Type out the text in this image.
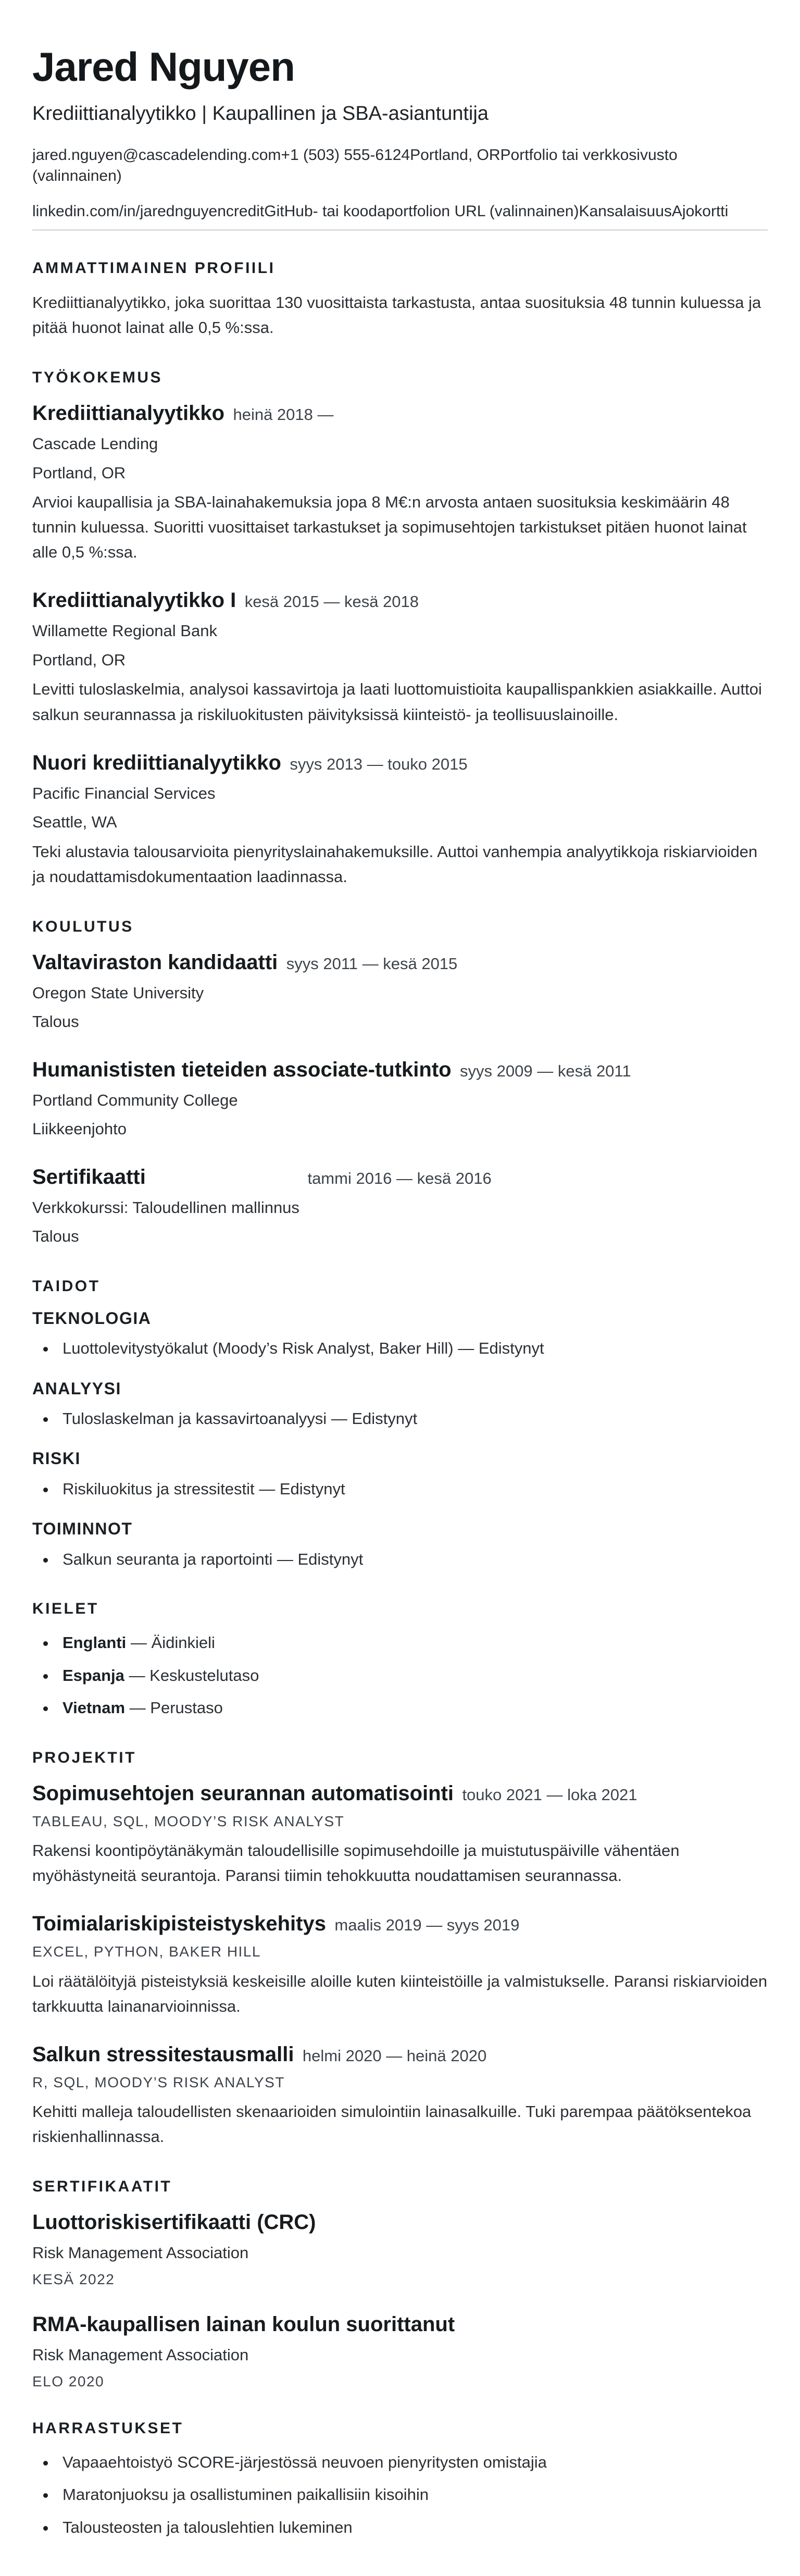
Jared Nguyen

Krediittianalyytikko | Kaupallinen ja SBA-asiantuntija

jared.nguyen@cascadelending.com+1 (503) 555-6124Portland, ORPortfolio tai verkkosivusto (valinnainen)

linkedin.com/in/jarednguyencreditGitHub- tai koodaportfolion URL (valinnainen)KansalaisuusAjokortti

AMMATTIMAINEN PROFIILI

Krediittianalyytikko, joka suorittaa 130 vuosittaista tarkastusta, antaa suosituksia 48 tunnin kuluessa ja pitää huonot lainat alle 0,5 %:ssa.

TYÖKOKEMUS

Krediittianalyytikko heinä 2018 —

Cascade Lending

Portland, OR

Arvioi kaupallisia ja SBA-lainahakemuksia jopa 8 M€:n arvosta antaen suosituksia keskimäärin 48 tunnin kuluessa. Suoritti vuosittaiset tarkastukset ja sopimusehtojen tarkistukset pitäen huonot lainat alle 0,5 %:ssa.

Krediittianalyytikko I kesä 2015 — kesä 2018

Willamette Regional Bank

Portland, OR

Levitti tuloslaskelmia, analysoi kassavirtoja ja laati luottomuistioita kaupallispankkien asiakkaille. Auttoi salkun seurannassa ja riskiluokitusten päivityksissä kiinteistö- ja teollisuuslainoille.

Nuori krediittianalyytikko syys 2013 — touko 2015

Pacific Financial Services

Seattle, WA

Teki alustavia talousarvioita pienyrityslainahakemuksille. Auttoi vanhempia analyytikkoja riskiarvioiden ja noudattamisdokumentaation laadinnassa.

KOULUTUS

Valtaviraston kandidaatti syys 2011 — kesä 2015

Oregon State University

Talous

Humanististen tieteiden associate-tutkinto syys 2009 — kesä 2011

Portland Community College

Liikkeenjohto

Sertifikaatti	tammi 2016 — kesä 2016

Verkkokurssi: Taloudellinen mallinnus

Talous

TAIDOT
TEKNOLOGIA
• Luottolevitystyökalut (Moody’s Risk Analyst, Baker Hill) — Edistynyt
ANALYYSI
• Tuloslaskelman ja kassavirtoanalyysi — Edistynyt
RISKI
• Riskiluokitus ja stressitestit — Edistynyt
TOIMINNOT
• Salkun seuranta ja raportointi — Edistynyt
KIELET
• Englanti — Äidinkieli
• Espanja — Keskustelutaso
• Vietnam — Perustaso
PROJEKTIT

Sopimusehtojen seurannan automatisointi touko 2021 — loka 2021

TABLEAU, SQL, MOODY’S RISK ANALYST

Rakensi koontipöytänäkymän taloudellisille sopimusehdoille ja muistutuspäiville vähentäen myöhästyneitä seurantoja. Paransi tiimin tehokkuutta noudattamisen seurannassa.

Toimialariskipisteistyskehitys maalis 2019 — syys 2019

EXCEL, PYTHON, BAKER HILL

Loi räätälöityjä pisteistyksiä keskeisille aloille kuten kiinteistöille ja valmistukselle. Paransi riskiarvioiden tarkkuutta lainanarvioinnissa.

Salkun stressitestausmalli helmi 2020 — heinä 2020

R, SQL, MOODY’S RISK ANALYST

Kehitti malleja taloudellisten skenaarioiden simulointiin lainasalkuille. Tuki parempaa päätöksentekoa riskienhallinnassa.

SERTIFIKAATIT

Luottoriskisertifikaatti (CRC)

Risk Management Association

KESÄ 2022

RMA-kaupallisen lainan koulun suorittanut

Risk Management Association

ELO 2020

HARRASTUKSET
• Vapaaehtoistyö SCORE-järjestössä neuvoen pienyritysten omistajia
• Maratonjuoksu ja osallistuminen paikallisiin kisoihin
• Talousteosten ja talouslehtien lukeminen
